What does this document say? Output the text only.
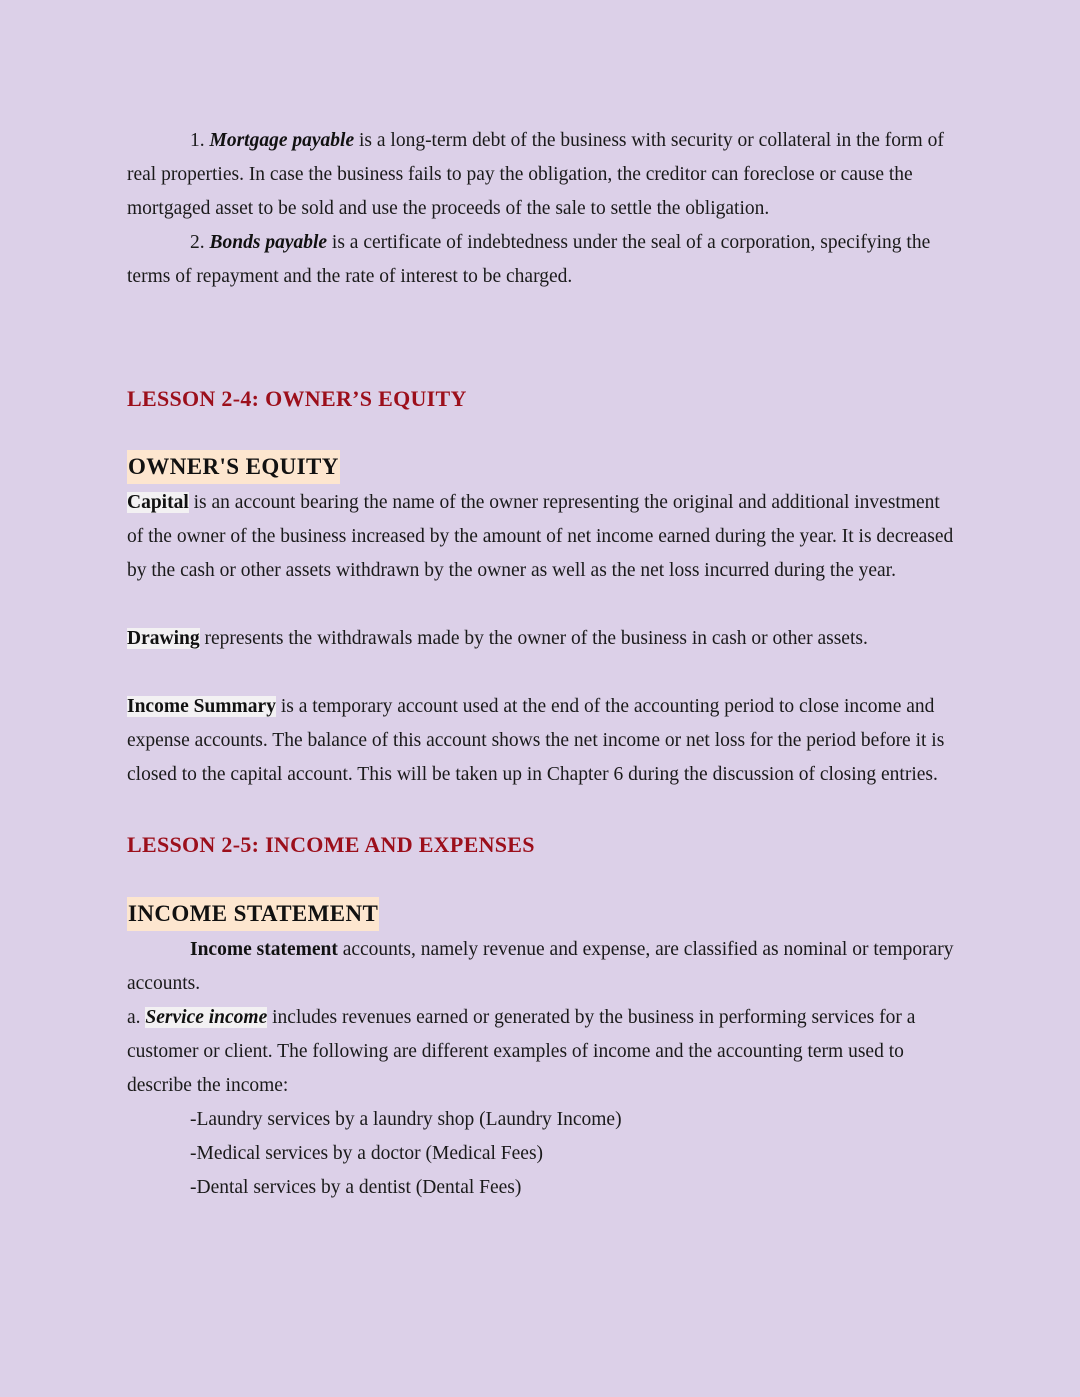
1. Mortgage payable is a long-term debt of the business with security or collateral in the form of real properties. In case the business fails to pay the obligation, the creditor can foreclose or cause the mortgaged asset to be sold and use the proceeds of the sale to settle the obligation.

2. Bonds payable is a certificate of indebtedness under the seal of a corporation, specifying the terms of repayment and the rate of interest to be charged.

LESSON 2-4: OWNER’S EQUITY
OWNER'S EQUITY

Capital is an account bearing the name of the owner representing the original and additional investment of the owner of the business increased by the amount of net income earned during the year. It is decreased by the cash or other assets withdrawn by the owner as well as the net loss incurred during the year.

Drawing represents the withdrawals made by the owner of the business in cash or other assets.

Income Summary is a temporary account used at the end of the accounting period to close income and expense accounts. The balance of this account shows the net income or net loss for the period before it is closed to the capital account. This will be taken up in Chapter 6 during the discussion of closing entries.

LESSON 2-5: INCOME AND EXPENSES
INCOME STATEMENT

Income statement accounts, namely revenue and expense, are classified as nominal or temporary accounts.

a. Service income includes revenues earned or generated by the business in performing services for a customer or client. The following are different examples of income and the accounting term used to describe the income:

-Laundry services by a laundry shop (Laundry Income)

-Medical services by a doctor (Medical Fees)

-Dental services by a dentist (Dental Fees)
